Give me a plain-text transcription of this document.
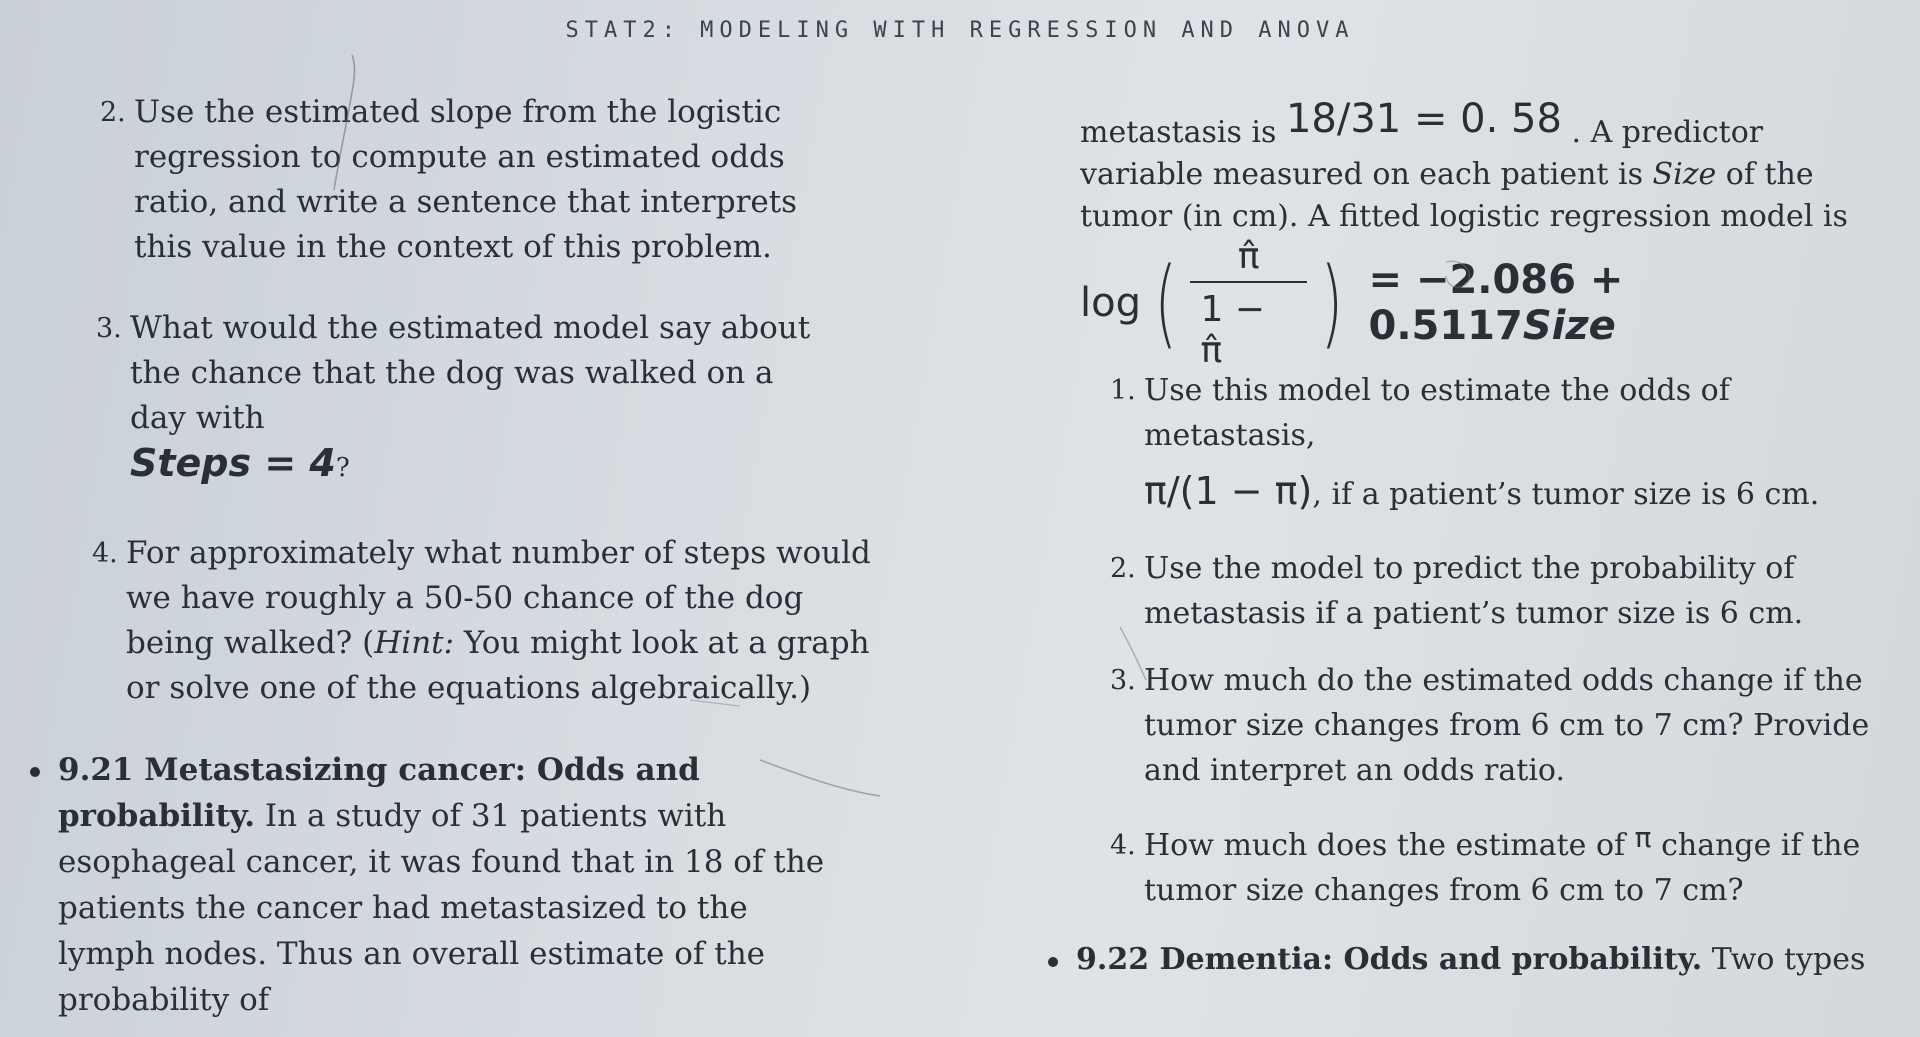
STAT2: MODELING WITH REGRESSION AND ANOVA
2. Use the estimated slope from the logistic regression to compute an estimated odds ratio, and write a sentence that interprets this value in the context of this problem.
3. What would the estimated model say about the chance that the dog was walked on a day with
Steps = 4?
4. For approximately what number of steps would we have roughly a 50-50 chance of the dog being walked? (Hint: You might look at a graph or solve one of the equations algebraically.)
9.21 Metastasizing cancer: Odds and probability. In a study of 31 patients with esophageal cancer, it was found that in 18 of the patients the cancer had metastasized to the lymph nodes. Thus an overall estimate of the probability of
metastasis is 18/31 = 0. 58 . A predictor variable measured on each patient is Size of the tumor (in cm). A fitted logistic regression model is
log ( $\frac{\pî}{1 - \pî}$ ) = −2.086 + 0.5117Size
1. Use this model to estimate the odds of metastasis,
π/(1 − π), if a patient’s tumor size is 6 cm.
2. Use the model to predict the probability of metastasis if a patient’s tumor size is 6 cm.
3. How much do the estimated odds change if the tumor size changes from 6 cm to 7 cm? Provide and interpret an odds ratio.
4. How much does the estimate of π change if the tumor size changes from 6 cm to 7 cm?
9.22 Dementia: Odds and probability. Two types
